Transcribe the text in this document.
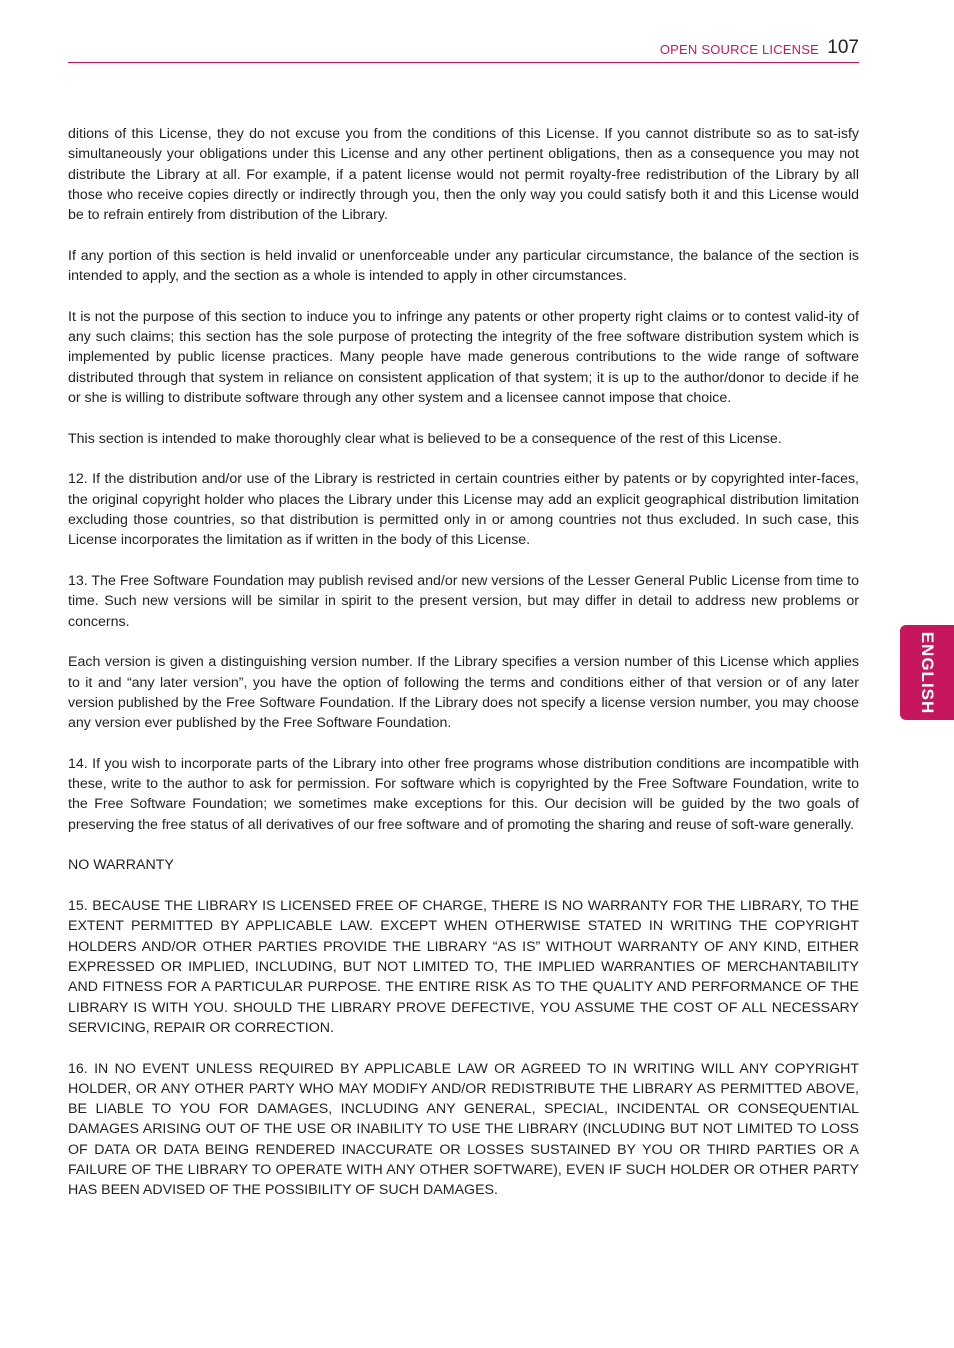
OPEN SOURCE LICENSE 107

ditions of this License, they do not excuse you from the conditions of this License. If you cannot distribute so as to sat-isfy simultaneously your obligations under this License and any other pertinent obligations, then as a consequence you may not distribute the Library at all. For example, if a patent license would not permit royalty-free redistribution of the Library by all those who receive copies directly or indirectly through you, then the only way you could satisfy both it and this License would be to refrain entirely from distribution of the Library.

If any portion of this section is held invalid or unenforceable under any particular circumstance, the balance of the section is intended to apply, and the section as a whole is intended to apply in other circumstances.

It is not the purpose of this section to induce you to infringe any patents or other property right claims or to contest valid-ity of any such claims; this section has the sole purpose of protecting the integrity of the free software distribution system which is implemented by public license practices. Many people have made generous contributions to the wide range of software distributed through that system in reliance on consistent application of that system; it is up to the author/donor to decide if he or she is willing to distribute software through any other system and a licensee cannot impose that choice.

This section is intended to make thoroughly clear what is believed to be a consequence of the rest of this License.

12. If the distribution and/or use of the Library is restricted in certain countries either by patents or by copyrighted inter-faces, the original copyright holder who places the Library under this License may add an explicit geographical distribution limitation excluding those countries, so that distribution is permitted only in or among countries not thus excluded. In such case, this License incorporates the limitation as if written in the body of this License.

13. The Free Software Foundation may publish revised and/or new versions of the Lesser General Public License from time to time. Such new versions will be similar in spirit to the present version, but may differ in detail to address new problems or concerns.

Each version is given a distinguishing version number. If the Library specifies a version number of this License which applies to it and “any later version”, you have the option of following the terms and conditions either of that version or of any later version published by the Free Software Foundation. If the Library does not specify a license version number, you may choose any version ever published by the Free Software Foundation.

14. If you wish to incorporate parts of the Library into other free programs whose distribution conditions are incompatible with these, write to the author to ask for permission. For software which is copyrighted by the Free Software Foundation, write to the Free Software Foundation; we sometimes make exceptions for this. Our decision will be guided by the two goals of preserving the free status of all derivatives of our free software and of promoting the sharing and reuse of soft-ware generally.

NO WARRANTY

15. BECAUSE THE LIBRARY IS LICENSED FREE OF CHARGE, THERE IS NO WARRANTY FOR THE LIBRARY, TO THE EXTENT PERMITTED BY APPLICABLE LAW. EXCEPT WHEN OTHERWISE STATED IN WRITING THE COPYRIGHT HOLDERS AND/OR OTHER PARTIES PROVIDE THE LIBRARY “AS IS” WITHOUT WARRANTY OF ANY KIND, EITHER EXPRESSED OR IMPLIED, INCLUDING, BUT NOT LIMITED TO, THE IMPLIED WARRANTIES OF MERCHANTABILITY AND FITNESS FOR A PARTICULAR PURPOSE. THE ENTIRE RISK AS TO THE QUALITY AND PERFORMANCE OF THE LIBRARY IS WITH YOU. SHOULD THE LIBRARY PROVE DEFECTIVE, YOU ASSUME THE COST OF ALL NECESSARY SERVICING, REPAIR OR CORRECTION.

16. IN NO EVENT UNLESS REQUIRED BY APPLICABLE LAW OR AGREED TO IN WRITING WILL ANY COPYRIGHT HOLDER, OR ANY OTHER PARTY WHO MAY MODIFY AND/OR REDISTRIBUTE THE LIBRARY AS PERMITTED ABOVE, BE LIABLE TO YOU FOR DAMAGES, INCLUDING ANY GENERAL, SPECIAL, INCIDENTAL OR CONSEQUENTIAL DAMAGES ARISING OUT OF THE USE OR INABILITY TO USE THE LIBRARY (INCLUDING BUT NOT LIMITED TO LOSS OF DATA OR DATA BEING RENDERED INACCURATE OR LOSSES SUSTAINED BY YOU OR THIRD PARTIES OR A FAILURE OF THE LIBRARY TO OPERATE WITH ANY OTHER SOFTWARE), EVEN IF SUCH HOLDER OR OTHER PARTY HAS BEEN ADVISED OF THE POSSIBILITY OF SUCH DAMAGES.

ENGLISH
